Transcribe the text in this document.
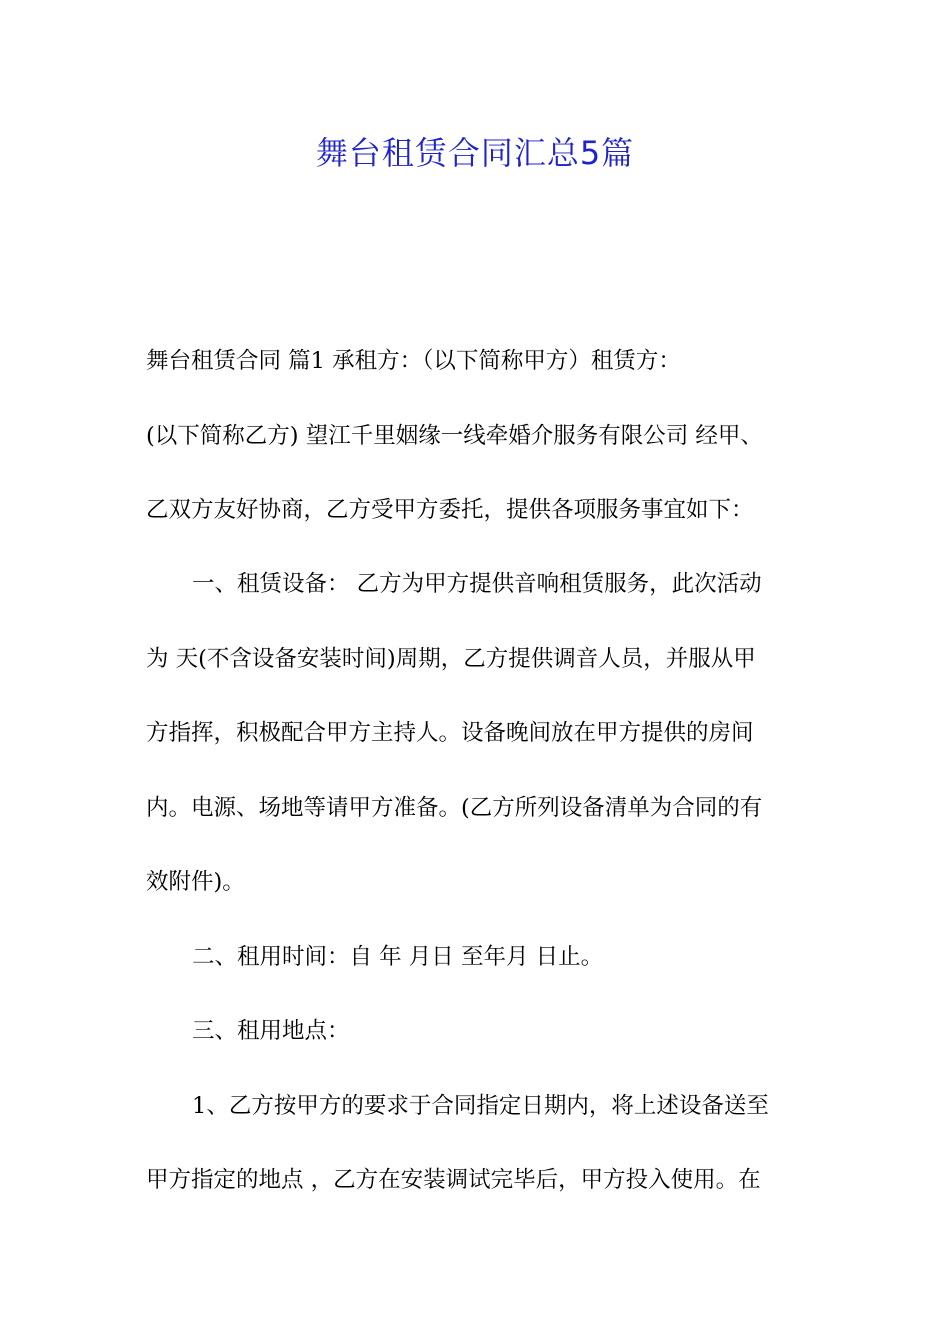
舞台租赁合同汇总5篇
舞台租赁合同 篇1 承租方：（以下简称甲方）租赁方：
(以下简称乙方) 望江千里姻缘一线牵婚介服务有限公司 经甲、
乙双方友好协商，乙方受甲方委托，提供各项服务事宜如下：
一、租赁设备： 乙方为甲方提供音响租赁服务，此次活动
为 天(不含设备安装时间)周期，乙方提供调音人员，并服从甲
方指挥，积极配合甲方主持人。设备晚间放在甲方提供的房间
内。电源、场地等请甲方准备。(乙方所列设备清单为合同的有
效附件)。
二、租用时间：自 年 月日 至年月 日止。
三、租用地点：
1、乙方按甲方的要求于合同指定日期内，将上述设备送至
甲方指定的地点 ，乙方在安装调试完毕后，甲方投入使用。在
